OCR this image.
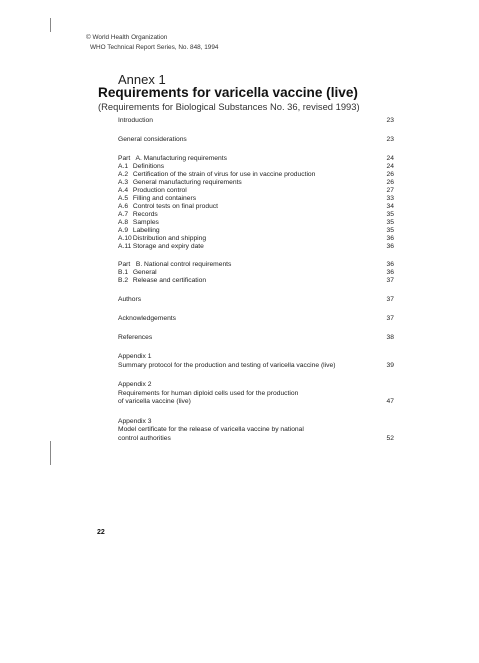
© World Health Organization
WHO Technical Report Series, No. 848, 1994
Annex 1
Requirements for varicella vaccine (live)
(Requirements for Biological Substances No. 36, revised 1993)
Introduction	23
General considerations	23
Part A. Manufacturing requirements	24
A.1 Definitions	24
A.2 Certification of the strain of virus for use in vaccine production	26
A.3 General manufacturing requirements	26
A.4 Production control	27
A.5 Filling and containers	33
A.6 Control tests on final product	34
A.7 Records	35
A.8 Samples	35
A.9 Labelling	35
A.10 Distribution and shipping	36
A.11 Storage and expiry date	36
Part B. National control requirements	36
B.1 General	36
B.2 Release and certification	37
Authors	37
Acknowledgements	37
References	38
Appendix 1
Summary protocol for the production and testing of varicella vaccine (live)	39
Appendix 2
Requirements for human diploid cells used for the production
of varicella vaccine (live)	47
Appendix 3
Model certificate for the release of varicella vaccine by national
control authorities	52
22
